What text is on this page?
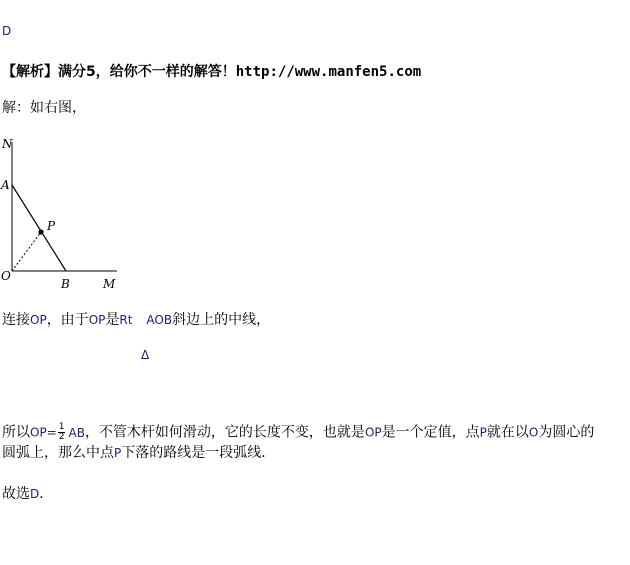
D
【解析】满分5，给你不一样的解答！http://www.manfen5.com
解：如右图，
N
A
P
O
B	M
连接OP，由于OP是Rt AOB斜边上的中线，
Δ
所以$OP= \frac{1}{2}$ AB，不管木杆如何滑动，它的长度不变，也就是OP是一个定值，点P就在以O为圆心的
圆弧上，那么中点P下落的路线是一段弧线．
故选D．
